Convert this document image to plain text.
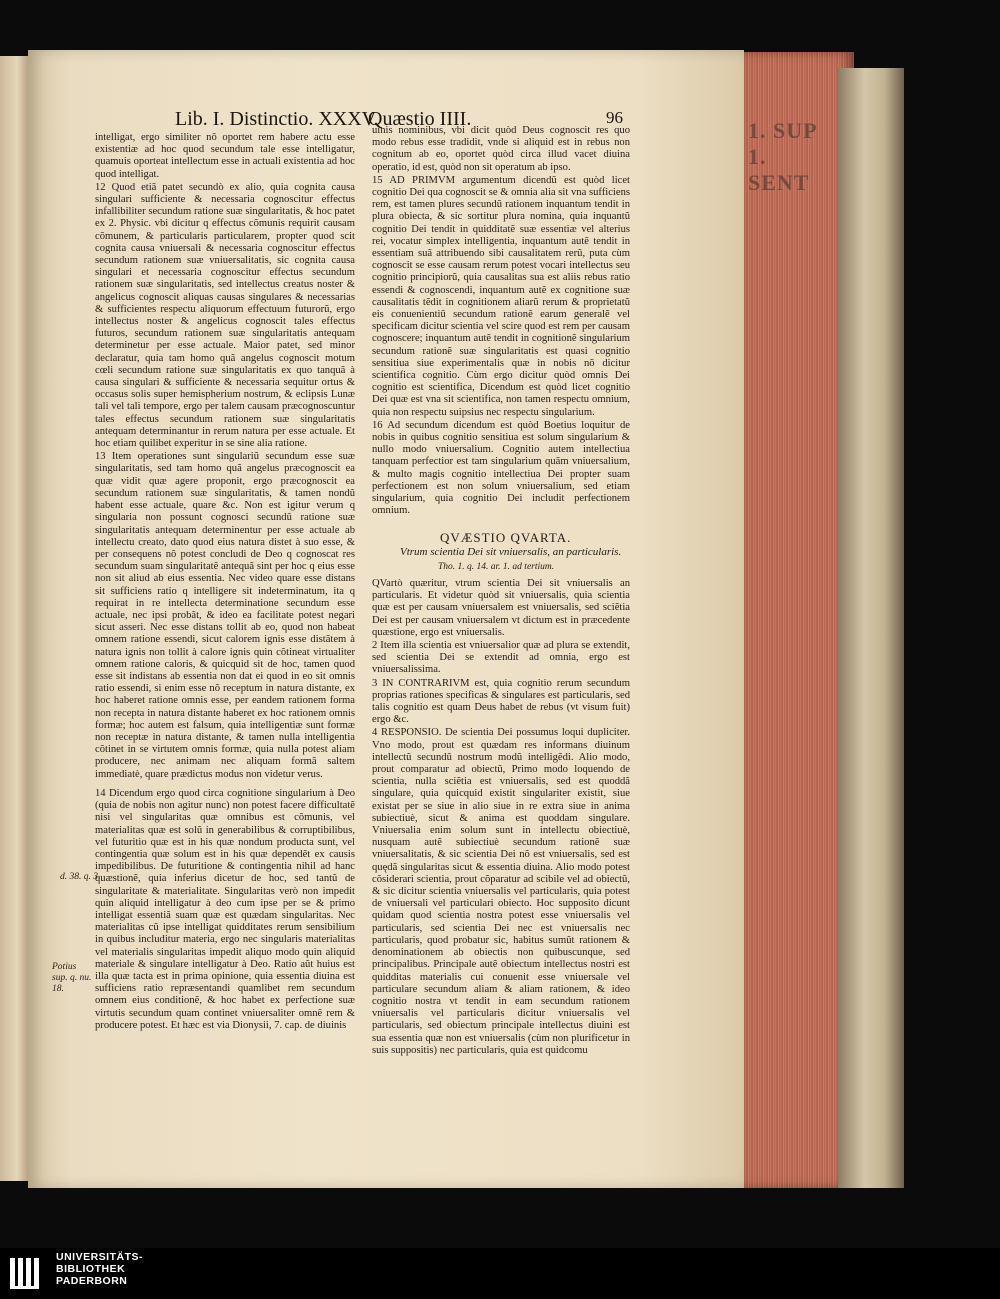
1. SUP 1. SENT
Lib. I. Distinctio. XXXV.
Quæstio IIII.	96

intelligat, ergo similiter nõ oportet rem habere actu esse existentiæ ad hoc quod secundum tale esse intelligatur, quamuis oporteat intellectum esse in actuali existentia ad hoc quod intelligat.

12 Quod etiã patet secundò ex alio, quia cognita causa singulari sufficiente & necessaria cognoscitur effectus infallibiliter secundum ratione suæ singularitatis, & hoc patet ex 2. Physic. vbi dicitur q effectus cõmunis requirit causam cõmunem, & particularis particularem, propter quod scit cognita causa vniuersali & necessaria cognoscitur effectus secundum rationem suæ vniuersalitatis, sic cognita causa singulari et necessaria cognoscitur effectus secundum rationem suæ singularitatis, sed intellectus creatus noster & angelicus cognoscit aliquas causas singulares & necessarias & sufficientes respectu aliquorum effectuum futurorũ, ergo intellectus noster & angelicus cognoscit tales effectus futuros, secundum rationem suæ singularitatis antequam determinetur per esse actuale. Maior patet, sed minor declaratur, quia tam homo quã angelus cognoscit motum cœli secundum ratione suæ singularitatis ex quo tanquã à causa singulari & sufficiente & necessaria sequitur ortus & occasus solis super hemispherium nostrum, & eclipsis Lunæ tali vel tali tempore, ergo per talem causam præcognoscuntur tales effectus secundum rationem suæ singularitatis antequam determinantur in rerum natura per esse actuale. Et hoc etiam quilibet experitur in se sine alia ratione.

13 Item operationes sunt singulariũ secundum esse suæ singularitatis, sed tam homo quã angelus præcognoscit ea quæ vidit quæ agere proponit, ergo præcognoscit ea secundum rationem suæ singularitatis, & tamen nondũ habent esse actuale, quare &c. Non est igitur verum q singularia non possunt cognosci secundũ ratione suæ singularitatis antequam determinentur per esse actuale ab intellectu creato, dato quod eius natura distet à suo esse, & per consequens nõ potest concludi de Deo q cognoscat res secundum suam singularitatẽ antequã sint per hoc q eius esse non sit aliud ab eius essentia. Nec video quare esse distans sit sufficiens ratio q intelligere sit indeterminatum, ita q requirat in re intellecta determinatione secundum esse actuale, nec ipsi probãt, & ideo ea facilitate potest negari sicut asseri. Nec esse distans tollit ab eo, quod non habeat omnem ratione essendi, sicut calorem ignis esse distãtem à natura ignis non tollit à calore ignis quin cõtineat virtualiter omnem ratione caloris, & quicquid sit de hoc, tamen quod esse sit indistans ab essentia non dat ei quod in eo sit omnis ratio essendi, si enim esse nõ receptum in natura distante, ex hoc haberet ratione omnis esse, per eandem rationem forma non recepta in natura distante haberet ex hoc rationem omnis formæ; hoc autem est falsum, quia intelligentiæ sunt formæ non receptæ in natura distante, & tamen nulla intelligentia cõtinet in se virtutem omnis formæ, quia nulla potest aliam producere, nec animam nec aliquam formã saltem immediatè, quare prædictus modus non videtur verus.

14 Dicendum ergo quod circa cognitione singularium à Deo (quia de nobis non agitur nunc) non potest facere difficultatẽ nisi vel singularitas quæ omnibus est cõmunis, vel materialitas quæ est solũ in generabilibus & corruptibilibus, vel futuritio quæ est in his quæ nondum producta sunt, vel contingentia quæ solum est in his quæ dependẽt ex causis impedibilibus. De futuritione & contingentia nihil ad hanc quæstionẽ, quia inferius dicetur de hoc, sed tantũ de singularitate & materialitate. Singularitas verò non impedit quin aliquid intelligatur à deo cum ipse per se & primo intelligat essentiã suam quæ est quædam singularitas. Nec materialitas cũ ipse intelligat quidditates rerum sensibilium in quibus includitur materia, ergo nec singularis materialitas vel materialis singularitas impedit aliquo modo quin aliquid materiale & singulare intelligatur à Deo. Ratio aũt huius est illa quæ tacta est in prima opinione, quia essentia diuina est sufficiens ratio repræsentandi quamlibet rem secundum omnem eius conditionẽ, & hoc habet ex perfectione suæ virtutis secundum quam continet vniuersaliter omnẽ rem & producere potest. Et hæc est via Dionysii, 7. cap. de diuinis

uinis nominibus, vbi dicit quòd Deus cognoscit res quo modo rebus esse tradidit, vnde si aliquid est in rebus non cognitum ab eo, oportet quòd circa illud vacet diuina operatio, id est, quòd non sit operatum ab ipso.

15 AD PRIMVM argumentum dicendũ est quòd licet cognitio Dei qua cognoscit se & omnia alia sit vna sufficiens rem, est tamen plures secundũ rationem inquantum tendit in plura obiecta, & sic sortitur plura nomina, quia inquantũ cognitio Dei tendit in quidditatẽ suæ essentiæ vel alterius rei, vocatur simplex intelligentia, inquantum autẽ tendit in essentiam suã attribuendo sibi causalitatem rerũ, puta cùm cognoscit se esse causam rerum potest vocari intellectus seu cognitio principiorũ, quia causalitas sua est aliis rebus ratio essendi & cognoscendi, inquantum autẽ ex cognitione suæ causalitatis tẽdit in cognitionem aliarũ rerum & proprietatũ eis conuenientiũ secundum rationẽ earum generalẽ vel specificam dicitur scientia vel scire quod est rem per causam cognoscere; inquantum autẽ tendit in cognitionẽ singularium secundum rationẽ suæ singularitatis est quasi cognitio sensitiua siue experimentalis quæ in nobis nõ dicitur scientifica cognitio. Cùm ergo dicitur quòd omnis Dei cognitio est scientifica, Dicendum est quòd licet cognitio Dei quæ est vna sit scientifica, non tamen respectu omnium, quia non respectu suipsius nec respectu singularium.

16 Ad secundum dicendum est quòd Boetius loquitur de nobis in quibus cognitio sensitiua est solum singularium & nullo modo vniuersalium. Cognitio autem intellectiua tanquam perfectior est tam singularium quãm vniuersalium, & multo magis cognitio intellectiua Dei propter suam perfectionem est non solum vniuersalium, sed etiam singularium, quia cognitio Dei includit perfectionem omnium.

QVÆSTIO QVARTA.
Vtrum scientia Dei sit vniuersalis, an particularis.
Tho. 1. q. 14. ar. 1. ad tertium.

QVartò quæritur, vtrum scientia Dei sit vniuersalis an particularis. Et videtur quòd sit vniuersalis, quia scientia quæ est per causam vniuersalem est vniuersalis, sed sciẽtia Dei est per causam vniuersalem vt dictum est in præcedente quæstione, ergo est vniuersalis.

2 Item illa scientia est vniuersalior quæ ad plura se extendit, sed scientia Dei se extendit ad omnia, ergo est vniuersalissima.

3 IN CONTRARIVM est, quia cognitio rerum secundum proprias rationes specificas & singulares est particularis, sed talis cognitio est quam Deus habet de rebus (vt visum fuit) ergo &c.

4 RESPONSIO. De scientia Dei possumus loqui dupliciter. Vno modo, prout est quædam res informans diuinum intellectũ secundũ nostrum modũ intelligẽdi. Alio modo, prout comparatur ad obiectũ, Primo modo loquendo de scientia, nulla sciẽtia est vniuersalis, sed est quoddã singulare, quia quicquid existit singulariter existit, siue existat per se siue in alio siue in re extra siue in anima subiectiuè, sicut & anima est quoddam singulare. Vniuersalia enim solum sunt in intellectu obiectiuè, nusquam autẽ subiectiuè secundum rationẽ suæ vniuersalitatis, & sic scientia Dei nõ est vniuersalis, sed est quędã singularitas sicut & essentia diuina. Alio modo potest cõsiderari scientia, prout cõparatur ad scibile vel ad obiectũ, & sic dicitur scientia vniuersalis vel particularis, quia potest de vniuersali vel particulari obiecto. Hoc supposito dicunt quidam quod scientia nostra potest esse vniuersalis vel particularis, sed scientia Dei nec est vniuersalis nec particularis, quod probatur sic, habitus sumũt rationem & denominationem ab obiectis non quibuscunque, sed principalibus. Principale autẽ obiectum intellectus nostri est quidditas materialis cui conuenit esse vniuersale vel particulare secundum aliam & aliam rationem, & ideo cognitio nostra vt tendit in eam secundum rationem vniuersalis vel particularis dicitur vniuersalis vel particularis, sed obiectum principale intellectus diuini est sua essentia quæ non est vniuersalis (cùm non plurificetur in suis suppositis) nec particularis, quia est quidcomu

d. 38. q. 3.
Potius sup. q. nu. 18.
UNIVERSITÄTS-
BIBLIOTHEK
PADERBORN
